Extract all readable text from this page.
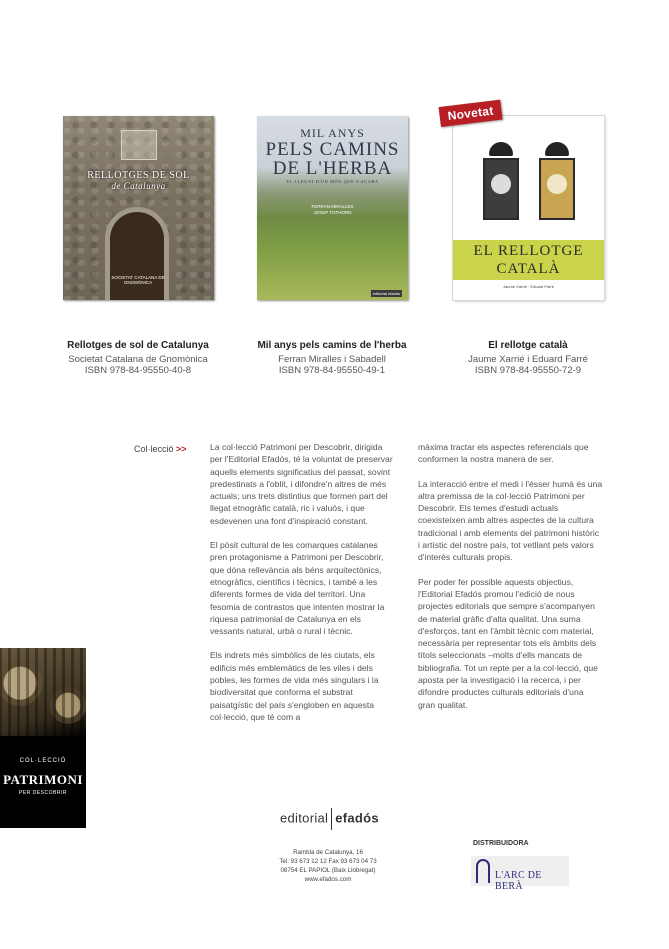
RELLOTGES DE SOL
de Catalunya
SOCIETAT CATALANA DE GNOMÒNICA
MIL ANYS
PELS CAMINS
DE L'HERBA
EL LLEGAT D'UN MÓN QUE S'ACABA
FERRAN MIRALLES
JOSEP TOTHORN
editorial efadós
EL RELLOTGE
CATALÀ
Jaume Xarrié · Eduard Farré
Novetat
Rellotges de sol de Catalunya
Societat Catalana de Gnomònica
ISBN 978-84-95550-40-8
Mil anys pels camins de l'herba
Ferran Miralles i Sabadell
ISBN 978-84-95550-49-1
El rellotge català
Jaume Xarrié i Eduard Farré
ISBN 978-84-95550-72-9
Col·lecció >>	La col·lecció Patrimoni per Descobrir, dirigida per l'Editorial Efadós, té la voluntat de preservar aquells elements significatius del passat, sovint predestinats a l'oblit, i difondre'n altres de més actuals; uns trets distintius que formen part del llegat etnogràfic català, ric i valuós, i que esdevenen una font d'inspiració constant.

El pòsit cultural de les comarques catalanes pren protagonisme a Patrimoni per Descobrir, que dóna rellevància als béns arquitectònics, etnogràfics, científics i tècnics, i també a les diferents formes de vida del territori. Una fesomia de contrastos que intenten mostrar la riquesa patrimonial de Catalunya en els vessants natural, urbà o rural i tècnic.

Els indrets més simbòlics de les ciutats, els edificis més emblemàtics de les viles i dels pobles, les formes de vida més singulars i la biodiversitat que conforma el substrat paisatgístic del país s'engloben en aquesta col·lecció, que té com a

màxima tractar els aspectes referencials que conformen la nostra manera de ser.

La interacció entre el medi i l'ésser humà és una altra premissa de la col·lecció Patrimoni per Descobrir. Els temes d'estudi actuals coexisteixen amb altres aspectes de la cultura tradicional i amb elements del patrimoni històric i artístic del nostre país, tot vetllant pels valors d'interès culturals propis.

Per poder fer possible aquests objectius, l'Editorial Efadós promou l'edició de nous projectes editorials que sempre s'acompanyen de material gràfic d'alta qualitat. Una suma d'esforços, tant en l'àmbit tècnic com material, necessària per representar tots els àmbits dels títols seleccionats –molts d'ells mancats de bibliografia. Tot un repte per a la col·lecció, que aposta per la investigació i la recerca, i per difondre productes culturals editorials d'una gran qualitat.

COL·LECCIÓ
PATRIMONI
PER DESCOBRIR
editorial efadós
Rambla de Catalunya, 16
Tel. 93 673 12 12 Fax 93 673 04 73
08754 EL PAPIOL (Baix Llobregat)
www.efados.com
DISTRIBUIDORA
L'ARC DE BERÀ
